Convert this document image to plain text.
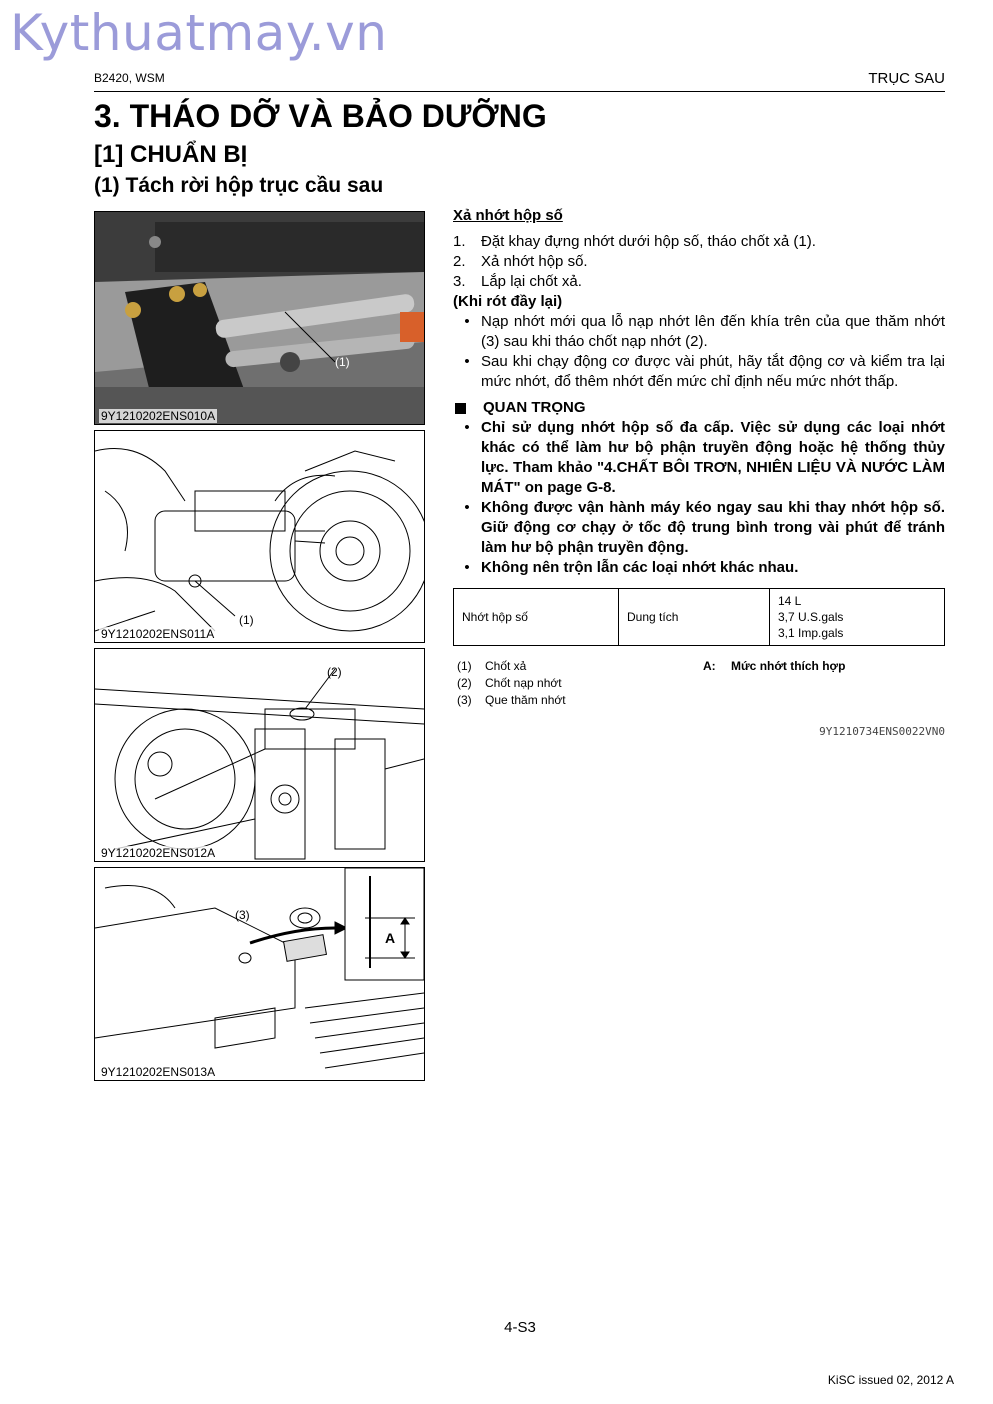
Kythuatmay.vn
B2420, WSM	TRỤC SAU
3. THÁO DỠ VÀ BẢO DƯỠNG
[1] CHUẨN BỊ
(1) Tách rời hộp trục cầu sau
(1)
9Y1210202ENS010A
(1)
9Y1210202ENS011A
(2)
9Y1210202ENS012A
(3)
A
9Y1210202ENS013A
Xả nhớt hộp số
1.	Đặt khay đựng nhớt dưới hộp số, tháo chốt xả (1).
2.	Xả nhớt hộp số.
3.	Lắp lại chốt xả.
(Khi rót đầy lại)
• Nạp nhớt mới qua lỗ nạp nhớt lên đến khía trên của que thăm nhớt (3) sau khi tháo chốt nạp nhớt (2).
• Sau khi chạy động cơ được vài phút, hãy tắt động cơ và kiểm tra lại mức nhớt, đổ thêm nhớt đến mức chỉ định nếu mức nhớt thấp.
QUAN TRỌNG
• Chỉ sử dụng nhớt hộp số đa cấp. Việc sử dụng các loại nhớt khác có thể làm hư bộ phận truyền động hoặc hệ thống thủy lực. Tham khảo "4.CHẤT BÔI TRƠN, NHIÊN LIỆU VÀ NƯỚC LÀM MÁT" on page G-8.
• Không được vận hành máy kéo ngay sau khi thay nhớt hộp số. Giữ động cơ chạy ở tốc độ trung bình trong vài phút để tránh làm hư bộ phận truyền động.
• Không nên trộn lẫn các loại nhớt khác nhau.
Nhớt hộp số	Dung tích	
14 L
3,7 U.S.gals
3,1 Imp.gals
(1)	Chốt xả
(2)	Chốt nạp nhớt
(3)	Que thăm nhớt
A:	Mức nhớt thích hợp
9Y1210734ENS0022VN0
4-S3
KiSC issued 02, 2012 A
